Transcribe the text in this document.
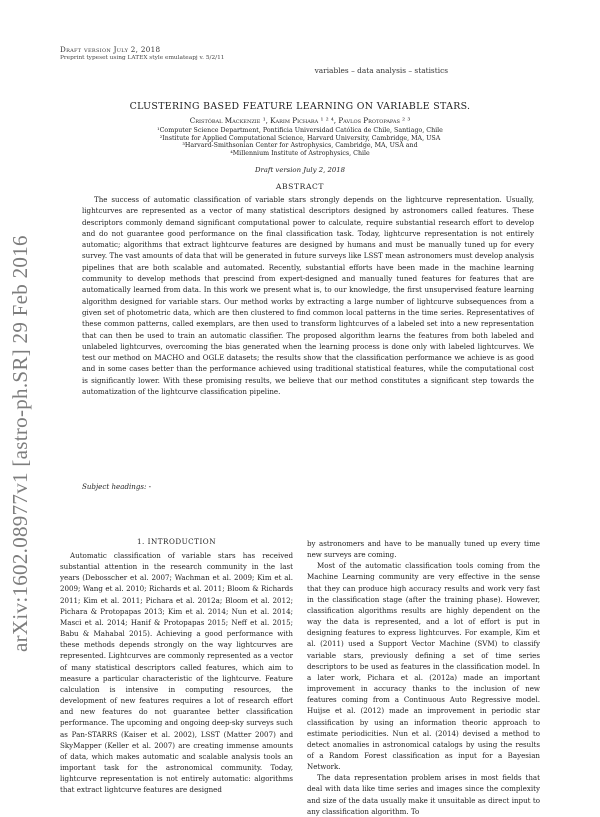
Draft version July 2, 2018
Preprint typeset using LATEX style emulateapj v. 5/2/11
variables – data analysis – statistics
arXiv:1602.08977v1 [astro-ph.SR] 29 Feb 2016
CLUSTERING BASED FEATURE LEARNING ON VARIABLE STARS.
Cristóbal Mackenzie ¹, Karim Pichara ¹ ² ⁴, Pavlos Protopapas ² ³
¹Computer Science Department, Pontificia Universidad Católica de Chile, Santiago, Chile
²Institute for Applied Computational Science, Harvard University, Cambridge, MA, USA
³Harvard-Smithsonian Center for Astrophysics, Cambridge, MA, USA and
⁴Millennium Institute of Astrophysics, Chile
Draft version July 2, 2018
ABSTRACT
The success of automatic classification of variable stars strongly depends on the lightcurve representation. Usually, lightcurves are represented as a vector of many statistical descriptors designed by astronomers called features. These descriptors commonly demand significant computational power to calculate, require substantial research effort to develop and do not guarantee good performance on the final classification task. Today, lightcurve representation is not entirely automatic; algorithms that extract lightcurve features are designed by humans and must be manually tuned up for every survey. The vast amounts of data that will be generated in future surveys like LSST mean astronomers must develop analysis pipelines that are both scalable and automated. Recently, substantial efforts have been made in the machine learning community to develop methods that prescind from expert-designed and manually tuned features for features that are automatically learned from data. In this work we present what is, to our knowledge, the first unsupervised feature learning algorithm designed for variable stars. Our method works by extracting a large number of lightcurve subsequences from a given set of photometric data, which are then clustered to find common local patterns in the time series. Representatives of these common patterns, called exemplars, are then used to transform lightcurves of a labeled set into a new representation that can then be used to train an automatic classifier. The proposed algorithm learns the features from both labeled and unlabeled lightcurves, overcoming the bias generated when the learning process is done only with labeled lightcurves. We test our method on MACHO and OGLE datasets; the results show that the classification performance we achieve is as good and in some cases better than the performance achieved using traditional statistical features, while the computational cost is significantly lower. With these promising results, we believe that our method constitutes a significant step towards the automatization of the lightcurve classification pipeline.
Subject headings: -
1. INTRODUCTION

Automatic classification of variable stars has received substantial attention in the research community in the last years (Debosscher et al. 2007; Wachman et al. 2009; Kim et al. 2009; Wang et al. 2010; Richards et al. 2011; Bloom & Richards 2011; Kim et al. 2011; Pichara et al. 2012a; Bloom et al. 2012; Pichara & Protopapas 2013; Kim et al. 2014; Nun et al. 2014; Masci et al. 2014; Hanif & Protopapas 2015; Neff et al. 2015; Babu & Mahabal 2015). Achieving a good performance with these methods depends strongly on the way lightcurves are represented. Lightcurves are commonly represented as a vector of many statistical descriptors called features, which aim to measure a particular characteristic of the lightcurve. Feature calculation is intensive in computing resources, the development of new features requires a lot of research effort and new features do not guarantee better classification performance. The upcoming and ongoing deep-sky surveys such as Pan-STARRS (Kaiser et al. 2002), LSST (Matter 2007) and SkyMapper (Keller et al. 2007) are creating immense amounts of data, which makes automatic and scalable analysis tools an important task for the astronomical community. Today, lightcurve representation is not entirely automatic: algorithms that extract lightcurve features are designed

by astronomers and have to be manually tuned up every time new surveys are coming.

Most of the automatic classification tools coming from the Machine Learning community are very effective in the sense that they can produce high accuracy results and work very fast in the classification stage (after the training phase). However, classification algorithms results are highly dependent on the way the data is represented, and a lot of effort is put in designing features to express lightcurves. For example, Kim et al. (2011) used a Support Vector Machine (SVM) to classify variable stars, previously defining a set of time series descriptors to be used as features in the classification model. In a later work, Pichara et al. (2012a) made an important improvement in accuracy thanks to the inclusion of new features coming from a Continuous Auto Regressive model. Huijse et al. (2012) made an improvement in periodic star classification by using an information theoric approach to estimate periodicities. Nun et al. (2014) devised a method to detect anomalies in astronomical catalogs by using the results of a Random Forest classification as input for a Bayesian Network.

The data representation problem arises in most fields that deal with data like time series and images since the complexity and size of the data usually make it unsuitable as direct input to any classification algorithm. To
